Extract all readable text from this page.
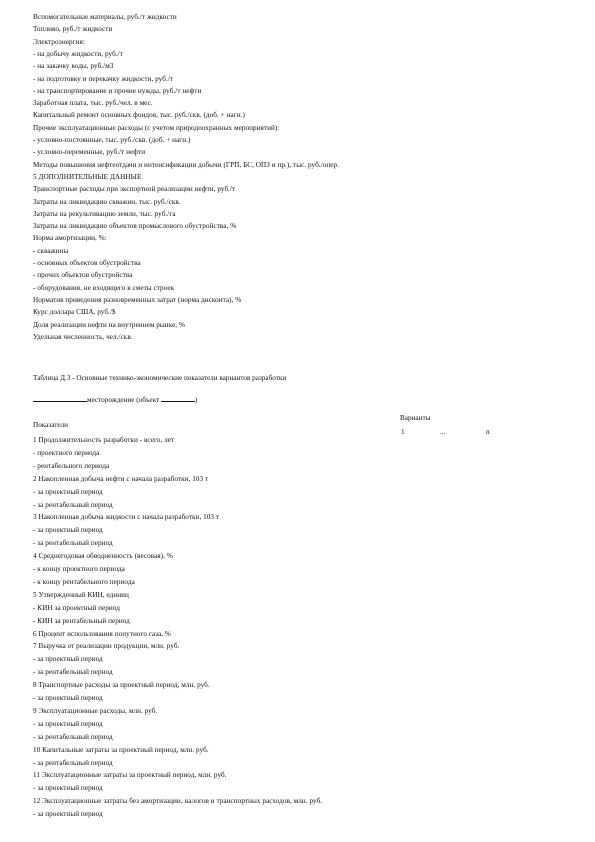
Вспомогательные материалы, руб./т жидкости
Топливо, руб./т жидкости
Электроэнергия:
- на добычу жидкости, руб./т
- на закачку воды, руб./м3
- на подготовку и перекачку жидкости, руб./т
- на транспортирование и прочие нужды, руб./т нефти
Заработная плата, тыс. руб./чел. в мес.
Капитальный ремонт основных фондов, тыс. руб./скв. (доб. + нагн.)
Прочие эксплуатационные расходы (с учетом природоохранных мероприятий):
- условно-постоянные, тыс. руб./скв. (доб. + нагн.)
- условно-переменные, руб./т нефти
Методы повышения нефтеотдачи и интенсификации добычи (ГРП, БС, ОПЗ и пр.), тыс. руб./опер.
5 ДОПОЛНИТЕЛЬНЫЕ ДАННЫЕ
Транспортные расходы при экспортной реализации нефти, руб./т
Затраты на ликвидацию скважин, тыс. руб./скв.
Затраты на рекультивацию земли, тыс. руб./га
Затраты на ликвидацию объектов промыслового обустройства, %
Норма амортизации, %:
- скважины
- основных объектов обустройства
- прочих объектов обустройства
- оборудования, не входящего в сметы строек
Норматив приведения разновременных затрат (норма дисконта), %
Курс доллара США, руб./$
Доля реализации нефти на внутреннем рынке, %
Удельная численность, чел./скв.
Таблица Д.3 - Основные технико-экономические показатели вариантов разработки
месторождение (объект	)
Показатели
Варианты
1	...	n
1 Продолжительность разработки - всего, лет
- проектного периода
- рентабельного периода
2 Накопленная добыча нефти с начала разработки, 103 т
- за проектный период
- за рентабельный период
3 Накопленная добыча жидкости с начала разработки, 103 т
- за проектный период
- за рентабельный период
4 Среднегодовая обводненность (весовая), %
- к концу проектного периода
- к концу рентабельного периода
5 Утвержденный КИН, единиц
- КИН за проектный период
- КИН за рентабельный период
6 Процент использования попутного газа, %
7 Выручка от реализации продукции, млн. руб.
- за проектный период
- за рентабельный период
8 Транспортные расходы за проектный период, млн. руб.
- за проектный период
9 Эксплуатационные расходы, млн. руб.
- за проектный период
- за рентабельный период
10 Капитальные затраты за проектный период, млн. руб.
- за рентабельный период
11 Эксплуатационные затраты за проектный период, млн. руб.
- за проектный период
12 Эксплуатационные затраты без амортизации, налогов и транспортных расходов, млн. руб.
- за проектный период
